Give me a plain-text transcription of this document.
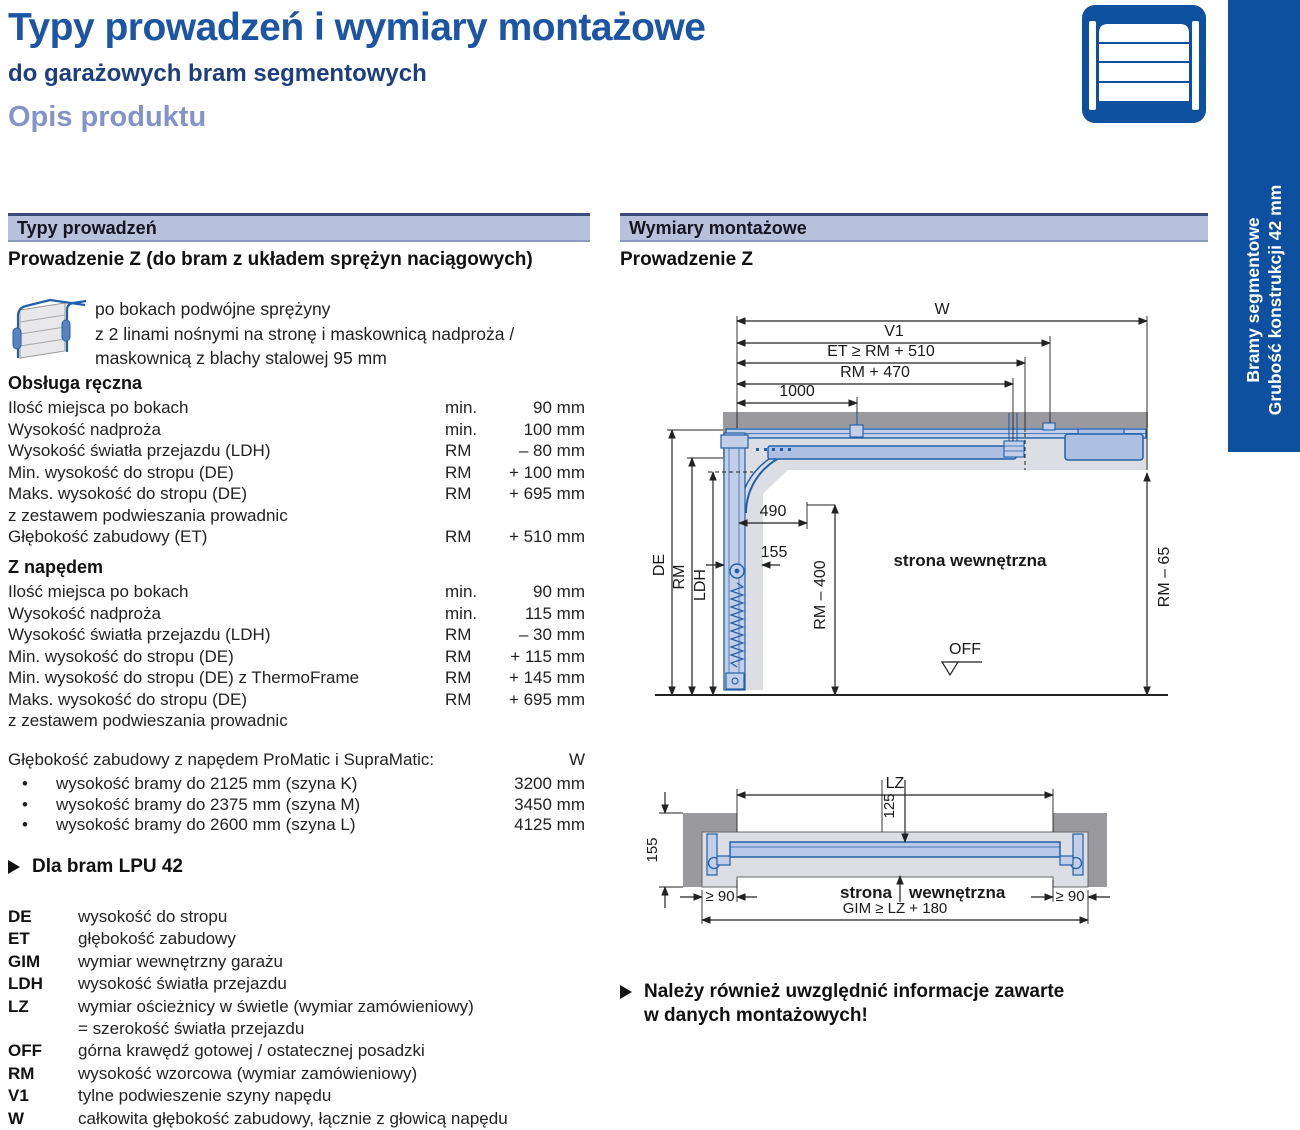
Typy prowadzeń i wymiary montażowe
do garażowych bram segmentowych
Opis produktu
Bramy segmentowe Grubość konstrukcji 42 mm
Typy prowadzeń
Prowadzenie Z (do bram z układem sprężyn naciągowych)
po bokach podwójne sprężyny
z 2 linami nośnymi na stronę i maskownicą nadproża /
maskownicą z blachy stalowej 95 mm
Obsługa ręczna
Ilość miejsca po bokach	min.	90 mm
Wysokość nadproża	min.	100 mm
Wysokość światła przejazdu (LDH)	RM	– 80 mm
Min. wysokość do stropu (DE)	RM	+ 100 mm
Maks. wysokość do stropu (DE)	RM	+ 695 mm
z zestawem podwieszania prowadnic
Głębokość zabudowy (ET)	RM	+ 510 mm
Z napędem
Ilość miejsca po bokach	min.	90 mm
Wysokość nadproża	min.	115 mm
Wysokość światła przejazdu (LDH)	RM	– 30 mm
Min. wysokość do stropu (DE)	RM	+ 115 mm
Min. wysokość do stropu (DE) z ThermoFrame	RM	+ 145 mm
Maks. wysokość do stropu (DE)	RM	+ 695 mm
z zestawem podwieszania prowadnic
Głębokość zabudowy z napędem ProMatic i SupraMatic:	W
• wysokość bramy do 2125 mm (szyna K)	3200 mm
• wysokość bramy do 2375 mm (szyna M)	3450 mm
• wysokość bramy do 2600 mm (szyna L)	4125 mm
Dla bram LPU 42
DE	wysokość do stropu
ET	głębokość zabudowy
GIM	wymiar wewnętrzny garażu
LDH	wysokość światła przejazdu
LZ	wymiar ościeżnicy w świetle (wymiar zamówieniowy)
= szerokość światła przejazdu
OFF	górna krawędź gotowej / ostatecznej posadzki
RM	wysokość wzorcowa (wymiar zamówieniowy)
V1	tylne podwieszenie szyny napędu
W	całkowita głębokość zabudowy, łącznie z głowicą napędu
Wymiary montażowe
Prowadzenie Z
W
V1
ET ≥ RM + 510
RM + 470
1000
DE RM LDH
490
155
RM – 400	RM – 65
strona wewnętrzna
OFF
LZ
125
155
≥ 90	≥ 90
GIM ≥ LZ + 180
strona wewnętrzna
Należy również uwzględnić informacje zawarte
w danych montażowych!
